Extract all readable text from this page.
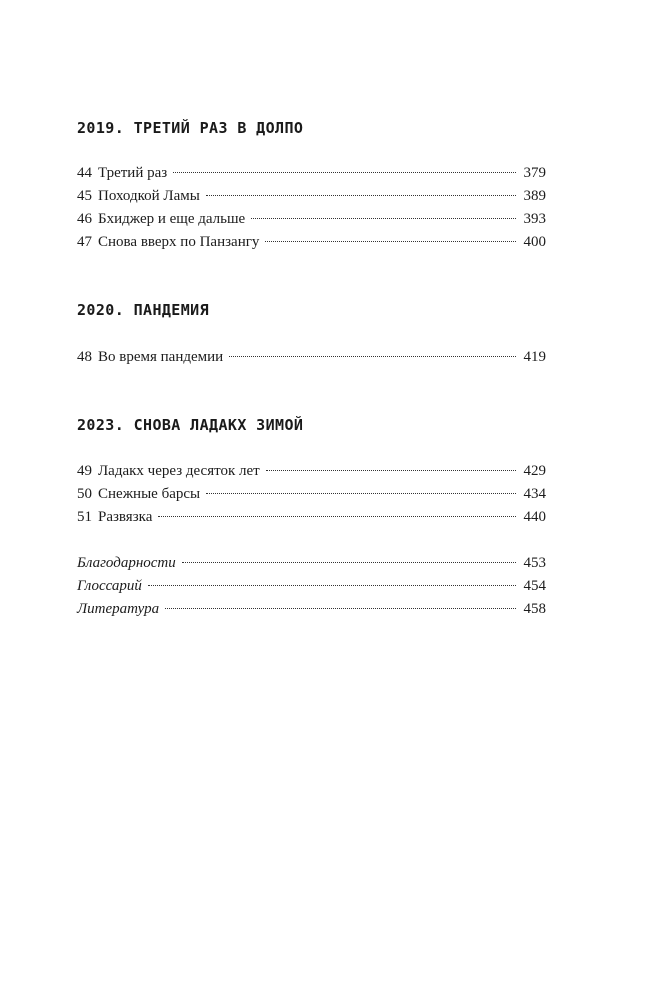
2019. ТРЕТИЙ РАЗ В ДОЛПО
44 Третий раз	379
45 Походкой Ламы	389
46 Бхиджер и еще дальше	393
47 Снова вверх по Панзангу	400
2020. ПАНДЕМИЯ
48 Во время пандемии	419
2023. СНОВА ЛАДАКХ ЗИМОЙ
49 Ладакх через десяток лет	429
50 Снежные барсы	434
51 Развязка	440
Благодарности	453
Глоссарий	454
Литература	458
